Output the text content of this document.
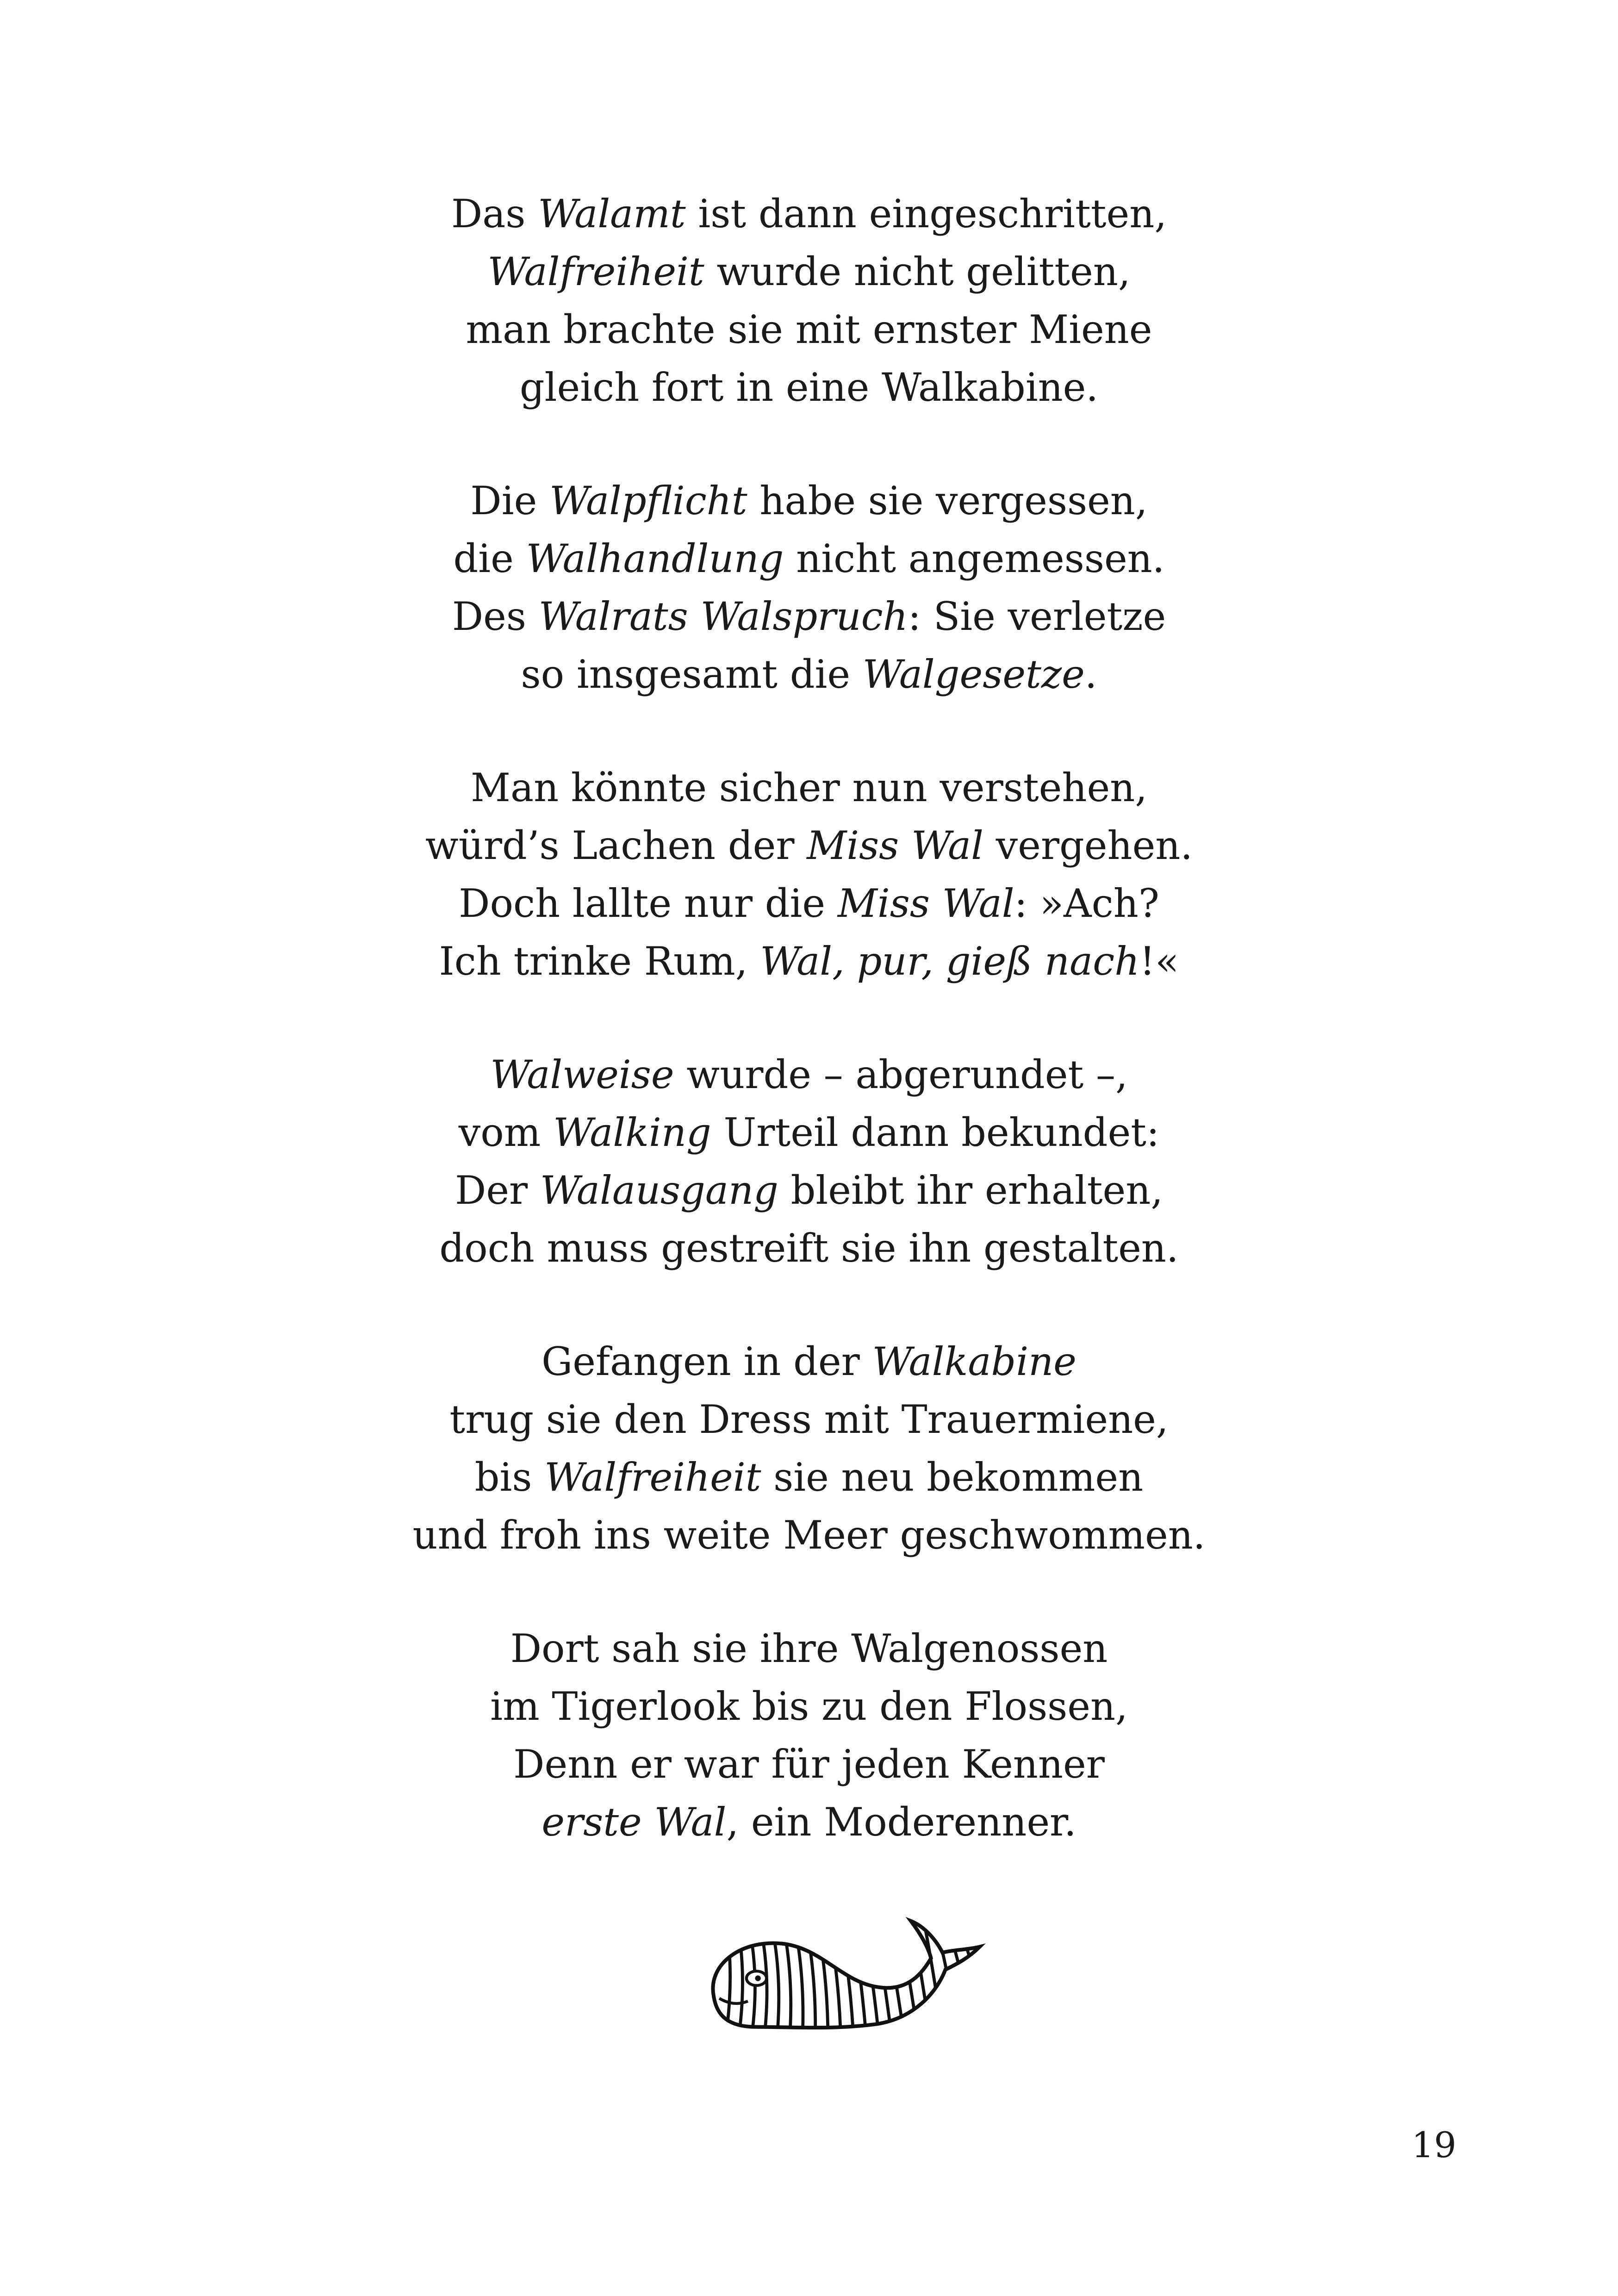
Das Walamt ist dann eingeschritten,
Walfreiheit wurde nicht gelitten,
man brachte sie mit ernster Miene
gleich fort in eine Walkabine.
Die Walpflicht habe sie vergessen,
die Walhandlung nicht angemessen.
Des Walrats Walspruch: Sie verletze
so insgesamt die Walgesetze.
Man könnte sicher nun verstehen,
würd’s Lachen der Miss Wal vergehen.
Doch lallte nur die Miss Wal: »Ach?
Ich trinke Rum, Wal, pur, gieß nach!«
Walweise wurde – abgerundet –,
vom Walking Urteil dann bekundet:
Der Walausgang bleibt ihr erhalten,
doch muss gestreift sie ihn gestalten.
Gefangen in der Walkabine
trug sie den Dress mit Trauermiene,
bis Walfreiheit sie neu bekommen
und froh ins weite Meer geschwommen.
Dort sah sie ihre Walgenossen
im Tigerlook bis zu den Flossen,
Denn er war für jeden Kenner
erste Wal, ein Moderenner.
19
